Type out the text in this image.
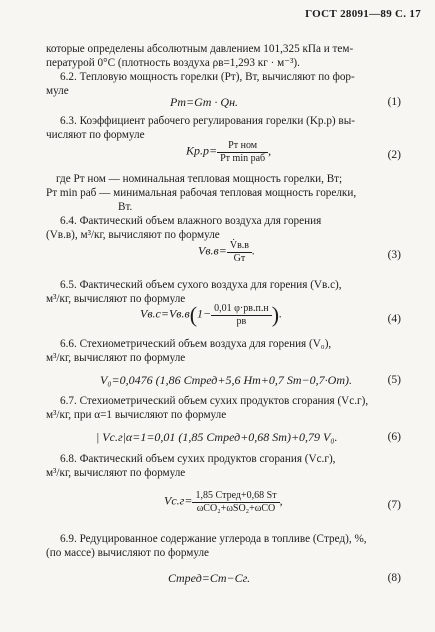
ГОСТ 28091—89 С. 17
которые определены абсолютным давлением 101,325 кПа и тем-
пературой 0°С (плотность воздуха ρв=1,293 кг · м⁻³).
6.2. Тепловую мощность горелки (Pт), Вт, вычисляют по фор-
муле
Pт=Gт · Qн.	(1)
6.3. Коэффициент рабочего регулирования горелки (Kр.р) вы-
числяют по формуле
$Kр.р= \frac{\text{Pт ном}}{\text{Pт min раб}}$ ,	(2)
где Pт ном — номинальная тепловая мощность горелки, Вт;
Pт min раб — минимальная рабочая тепловая мощность горелки,
Вт.
6.4. Фактический объем влажного воздуха для горения
(Vв.в), м³/кг, вычисляют по формуле
$Vв.в= \frac{V̇в.в}{Gт}$ .	(3)
6.5. Фактический объем сухого воздуха для горения (Vв.с),
м³/кг, вычисляют по формуле
$Vв.с=Vв.в(1- \frac{0,01 \varphi\cdot pв.п.н}{pв}$ ).	(4)
6.6. Стехиометрический объем воздуха для горения (V₀),
м³/кг, вычисляют по формуле
V₀=0,0476 (1,86 Cтред+5,6 Hт+0,7 Sт−0,7·Oт).	(5)
6.7. Стехиометрический объем сухих продуктов сгорания (Vс.г),
м³/кг, при α=1 вычисляют по формуле
| Vс.г|α=1=0,01 (1,85 Cтред+0,68 Sт)+0,79 V₀.	(6)
6.8. Фактический объем сухих продуктов сгорания (Vс.г),
м³/кг, вычисляют по формуле
$Vс.г= \frac{\text{1,85 Cтред+0,68 Sт}}{\text{ωCO₂+ωSO₂+ωCO}}$ ,	(7)
6.9. Редуцированное содержание углерода в топливе (Cтред), %,
(по массе) вычисляют по формуле
Cтред=Cт−Cг.	(8)
